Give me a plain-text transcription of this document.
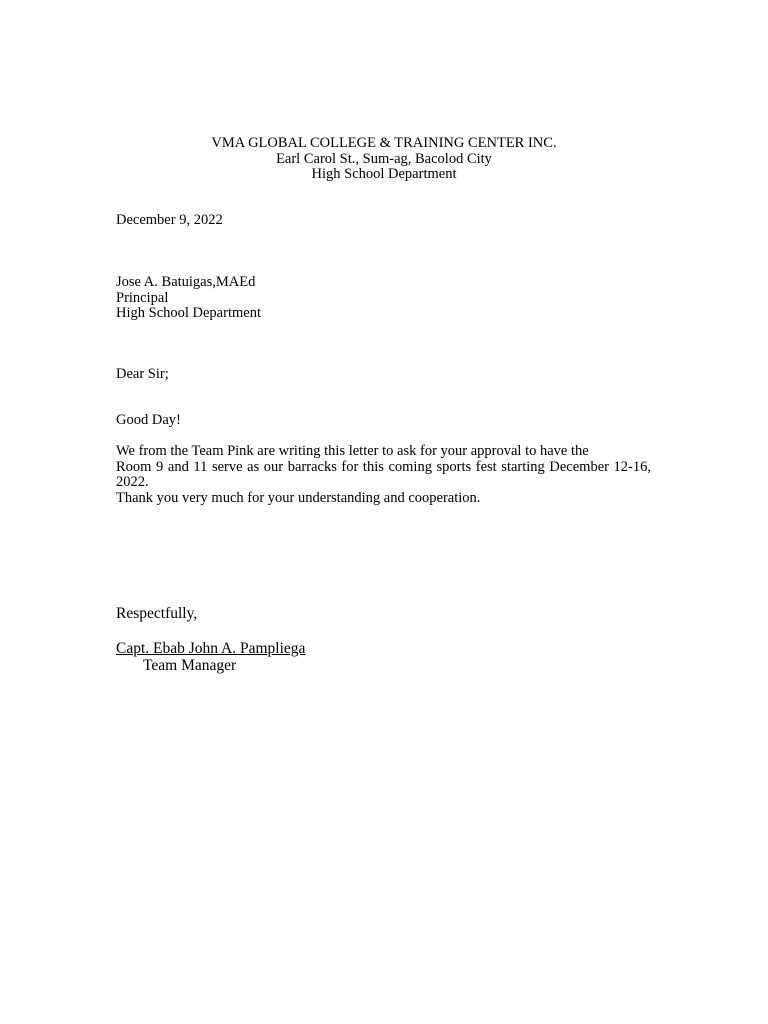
VMA GLOBAL COLLEGE & TRAINING CENTER INC.
Earl Carol St., Sum-ag, Bacolod City
High School Department
December 9, 2022
Jose A. Batuigas,MAEd
Principal
High School Department
Dear Sir;
Good Day!

We from the Team Pink are writing this letter to ask for your approval to have the

Room 9 and 11 serve as our barracks for this coming sports fest starting December 12-16, 2022.

Thank you very much for your understanding and cooperation.

Respectfully,
Capt. Ebab John A. Pampliega
Team Manager
